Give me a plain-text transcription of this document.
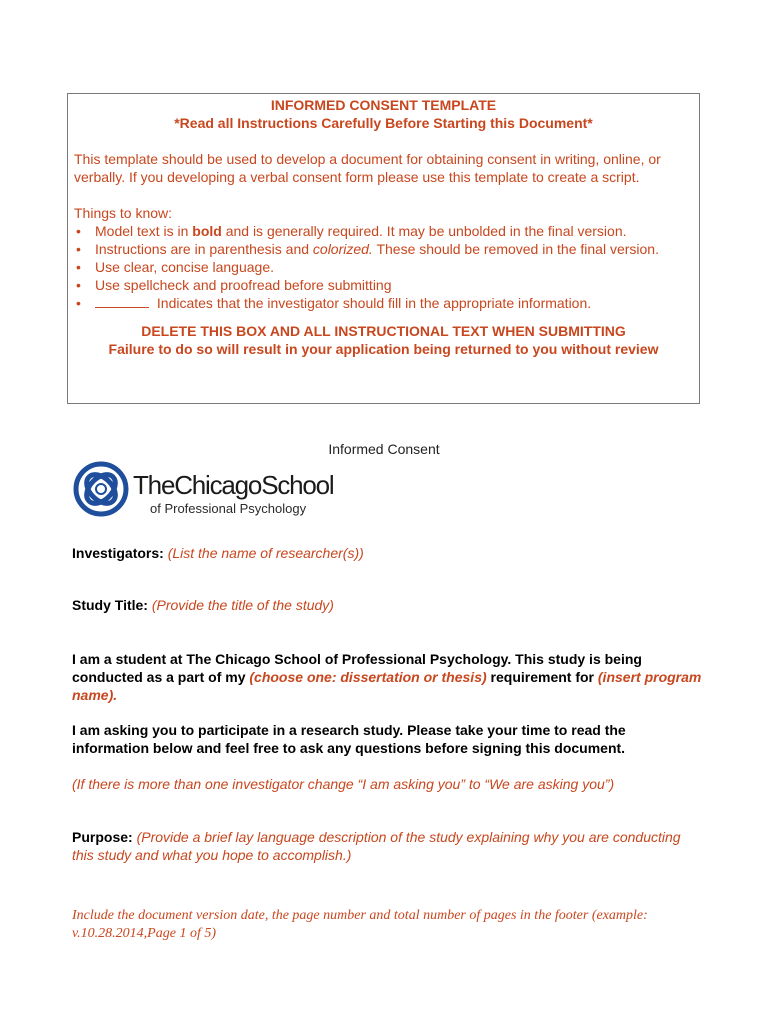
INFORMED CONSENT TEMPLATE

*Read all Instructions Carefully Before Starting this Document*

This template should be used to develop a document for obtaining consent in writing, online, or verbally. If you developing a verbal consent form please use this template to create a script.

Things to know:

• Model text is in bold and is generally required. It may be unbolded in the final version.
• Instructions are in parenthesis and colorized. These should be removed in the final version.
• Use clear, concise language.
• Use spellcheck and proofread before submitting
•	Indicates that the investigator should fill in the appropriate information.

DELETE THIS BOX AND ALL INSTRUCTIONAL TEXT WHEN SUBMITTING

Failure to do so will result in your application being returned to you without review

Informed Consent
TheChicagoSchool
of Professional Psychology
Investigators: (List the name of researcher(s))
Study Title: (Provide the title of the study)
I am a student at The Chicago School of Professional Psychology. This study is being conducted as a part of my (choose one: dissertation or thesis) requirement for (insert program name).
I am asking you to participate in a research study. Please take your time to read the information below and feel free to ask any questions before signing this document.
(If there is more than one investigator change “I am asking you” to “We are asking you”)
Purpose: (Provide a brief lay language description of the study explaining why you are conducting this study and what you hope to accomplish.)
Include the document version date, the page number and total number of pages in the footer (example: v.10.28.2014,Page 1 of 5)
